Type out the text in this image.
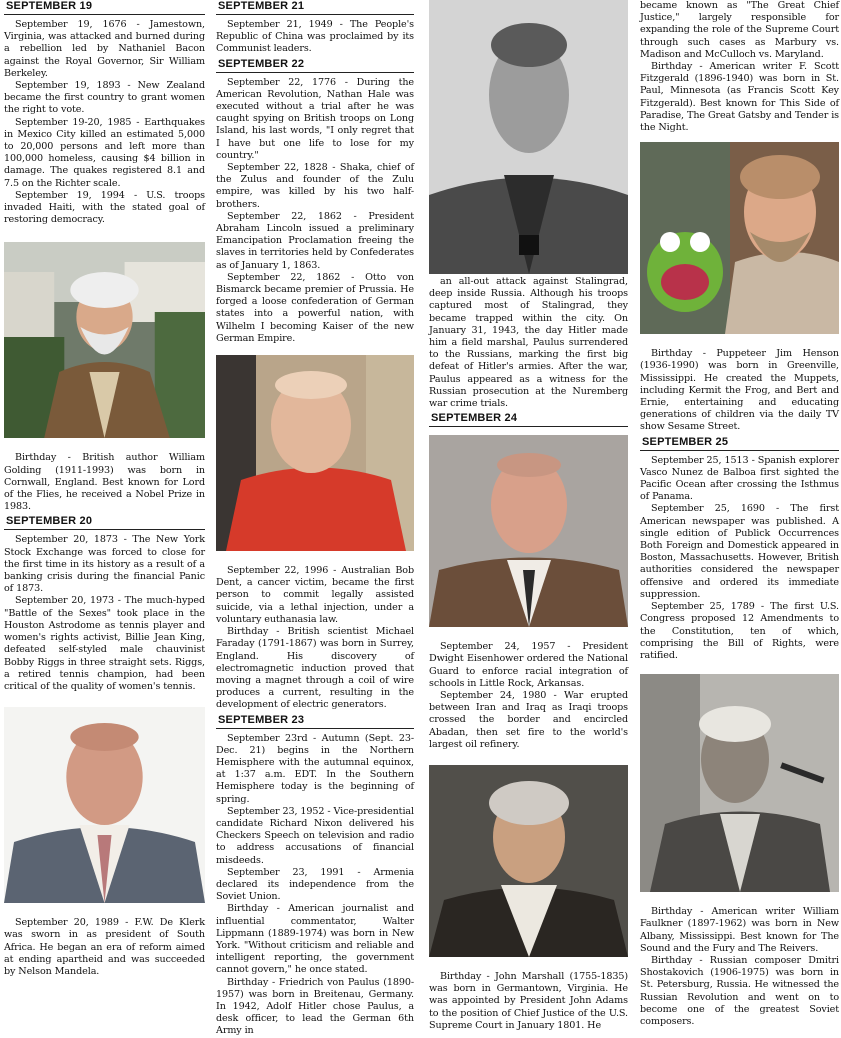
SEPTEMBER 19

September 19, 1676 - Jamestown, Virginia, was attacked and burned during a rebellion led by Nathaniel Bacon against the Royal Governor, Sir William Berkeley.

September 19, 1893 - New Zealand became the first country to grant women the right to vote.

September 19-20, 1985 - Earthquakes in Mexico City killed an estimated 5,000 to 20,000 persons and left more than 100,000 homeless, causing $4 billion in damage. The quakes registered 8.1 and 7.5 on the Richter scale.

September 19, 1994 - U.S. troops invaded Haiti, with the stated goal of restoring democracy.

Birthday - British author William Golding (1911-1993) was born in Cornwall, England. Best known for Lord of the Flies, he received a Nobel Prize in 1983.

SEPTEMBER 20

September 20, 1873 - The New York Stock Exchange was forced to close for the first time in its history as a result of a banking crisis during the financial Panic of 1873.

September 20, 1973 - The much-hyped "Battle of the Sexes" took place in the Houston Astrodome as tennis player and women's rights activist, Billie Jean King, defeated self-styled male chauvinist Bobby Riggs in three straight sets. Riggs, a retired tennis champion, had been critical of the quality of women's tennis.

September 20, 1989 - F.W. De Klerk was sworn in as president of South Africa. He began an era of reform aimed at ending apartheid and was succeeded by Nelson Mandela.

SEPTEMBER 21

September 21, 1949 - The People's Republic of China was proclaimed by its Communist leaders.

SEPTEMBER 22

September 22, 1776 - During the American Revolution, Nathan Hale was executed without a trial after he was caught spying on British troops on Long Island, his last words, "I only regret that I have but one life to lose for my country."

September 22, 1828 - Shaka, chief of the Zulus and founder of the Zulu empire, was killed by his two half-brothers.

September 22, 1862 - President Abraham Lincoln issued a preliminary Emancipation Proclamation freeing the slaves in territories held by Confederates as of January 1, 1863.

September 22, 1862 - Otto von Bismarck became premier of Prussia. He forged a loose confederation of German states into a powerful nation, with Wilhelm I becoming Kaiser of the new German Empire.

September 22, 1996 - Australian Bob Dent, a cancer victim, became the first person to commit legally assisted suicide, via a lethal injection, under a voluntary euthanasia law.

Birthday - British scientist Michael Faraday (1791-1867) was born in Surrey, England. His discovery of electromagnetic induction proved that moving a magnet through a coil of wire produces a current, resulting in the development of electric generators.

SEPTEMBER 23

September 23rd - Autumn (Sept. 23-Dec. 21) begins in the Northern Hemisphere with the autumnal equinox, at 1:37 a.m. EDT. In the Southern Hemisphere today is the beginning of spring.

September 23, 1952 - Vice-presidential candidate Richard Nixon delivered his Checkers Speech on television and radio to address accusations of financial misdeeds.

September 23, 1991 - Armenia declared its independence from the Soviet Union.

Birthday - American journalist and influential commentator, Walter Lippmann (1889-1974) was born in New York. "Without criticism and reliable and intelligent reporting, the government cannot govern," he once stated.

Birthday - Friedrich von Paulus (1890-1957) was born in Breitenau, Germany. In 1942, Adolf Hitler chose Paulus, a desk officer, to lead the German 6th Army in

an all-out attack against Stalingrad, deep inside Russia. Although his troops captured most of Stalingrad, they became trapped within the city. On January 31, 1943, the day Hitler made him a field marshal, Paulus surrendered to the Russians, marking the first big defeat of Hitler's armies. After the war, Paulus appeared as a witness for the Russian prosecution at the Nuremberg war crime trials.

SEPTEMBER 24

September 24, 1957 - President Dwight Eisenhower ordered the National Guard to enforce racial integration of schools in Little Rock, Arkansas.

September 24, 1980 - War erupted between Iran and Iraq as Iraqi troops crossed the border and encircled Abadan, then set fire to the world's largest oil refinery.

Birthday - John Marshall (1755-1835) was born in Germantown, Virginia. He was appointed by President John Adams to the position of Chief Justice of the U.S. Supreme Court in January 1801. He

became known as "The Great Chief Justice," largely responsible for expanding the role of the Supreme Court through such cases as Marbury vs. Madison and McCulloch vs. Maryland.

Birthday - American writer F. Scott Fitzgerald (1896-1940) was born in St. Paul, Minnesota (as Francis Scott Key Fitzgerald). Best known for This Side of Paradise, The Great Gatsby and Tender is the Night.

Birthday - Puppeteer Jim Henson (1936-1990) was born in Greenville, Mississippi. He created the Muppets, including Kermit the Frog, and Bert and Ernie, entertaining and educating generations of children via the daily TV show Sesame Street.

SEPTEMBER 25

September 25, 1513 - Spanish explorer Vasco Nunez de Balboa first sighted the Pacific Ocean after crossing the Isthmus of Panama.

September 25, 1690 - The first American newspaper was published. A single edition of Publick Occurrences Both Foreign and Domestick appeared in Boston, Massachusetts. However, British authorities considered the newspaper offensive and ordered its immediate suppression.

September 25, 1789 - The first U.S. Congress proposed 12 Amendments to the Constitution, ten of which, comprising the Bill of Rights, were ratified.

Birthday - American writer William Faulkner (1897-1962) was born in New Albany, Mississippi. Best known for The Sound and the Fury and The Reivers.

Birthday - Russian composer Dmitri Shostakovich (1906-1975) was born in St. Petersburg, Russia. He witnessed the Russian Revolution and went on to become one of the greatest Soviet composers.
